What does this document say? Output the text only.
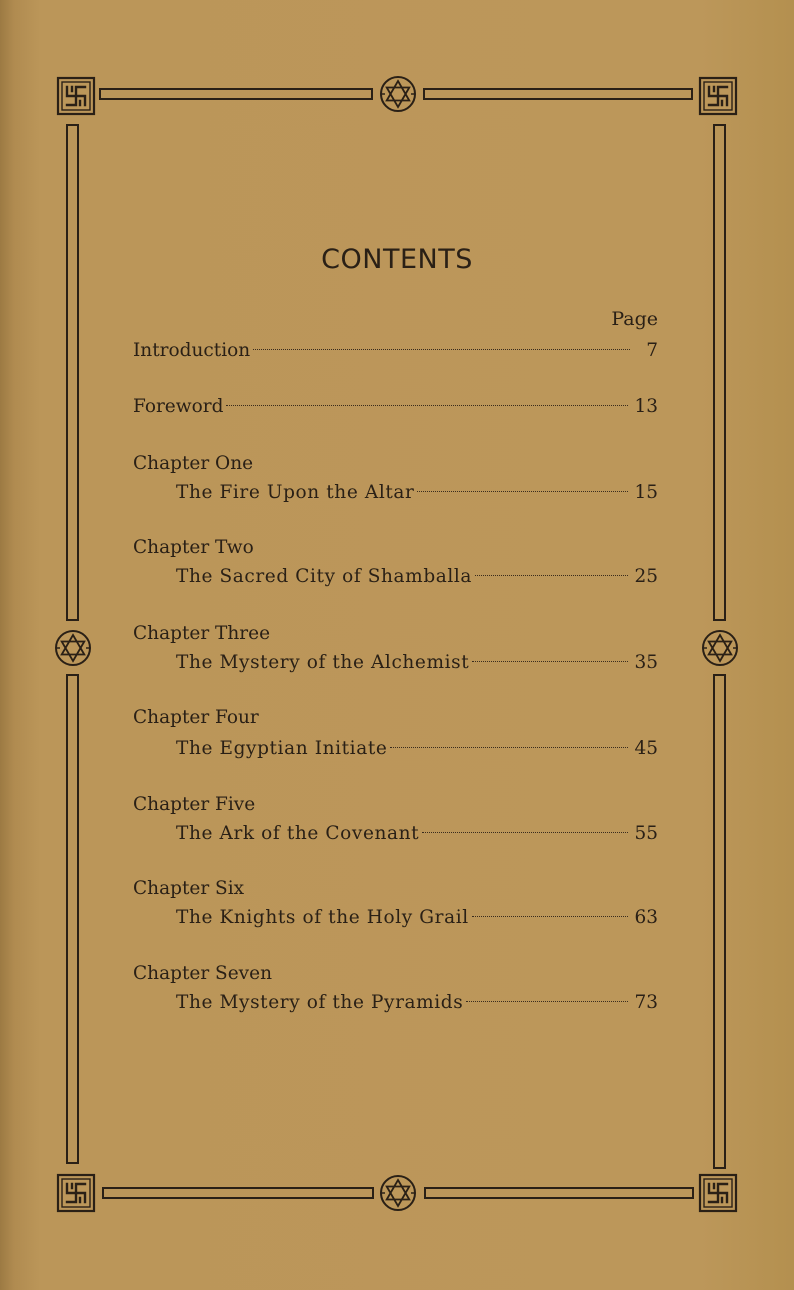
CONTENTS
Page
Introduction	7
Foreword	13
Chapter One
The Fire Upon the Altar	15
Chapter Two
The Sacred City of Shamballa	25
Chapter Three
The Mystery of the Alchemist	35
Chapter Four
The Egyptian Initiate	45
Chapter Five
The Ark of the Covenant	55
Chapter Six
The Knights of the Holy Grail	63
Chapter Seven
The Mystery of the Pyramids	73
